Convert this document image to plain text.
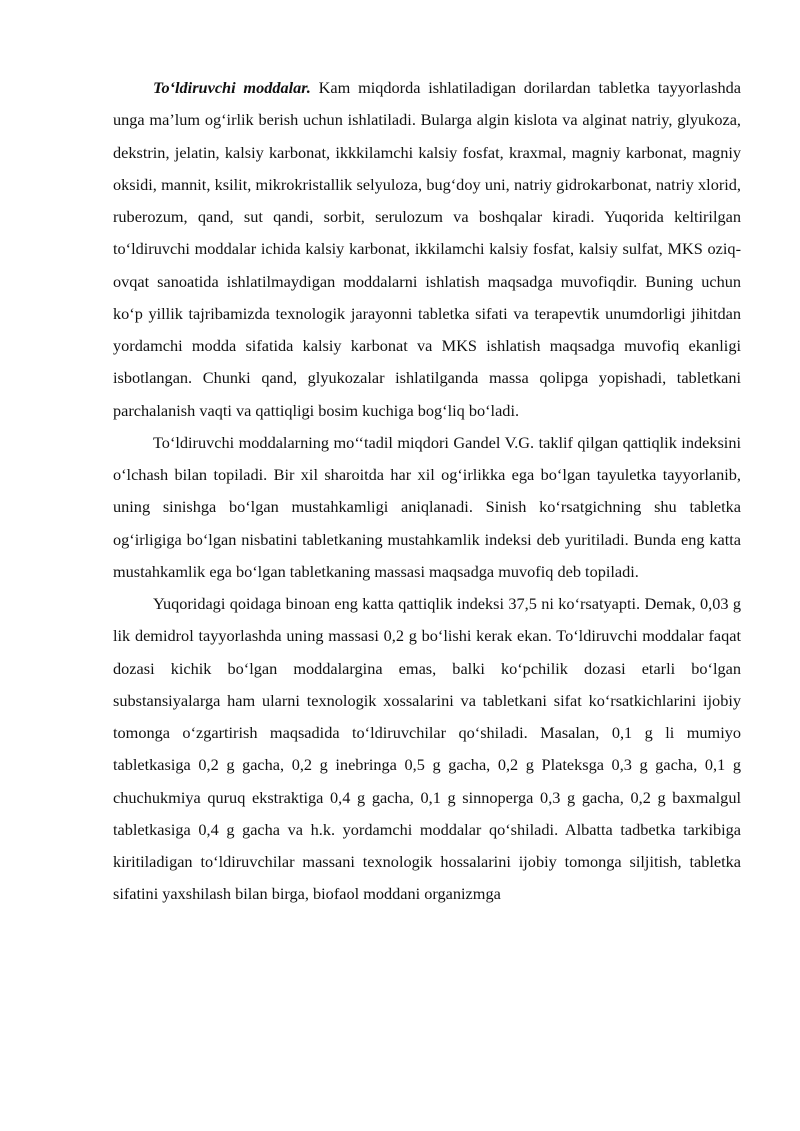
To‘ldiruvchi moddalar. Kam miqdorda ishlatiladigan dorilardan tabletka tayyorlashda unga ma’lum og‘irlik berish uchun ishlatiladi. Bularga algin kislota va alginat natriy, glyukoza, dekstrin, jelatin, kalsiy karbonat, ikkkilamchi kalsiy fosfat, kraxmal, magniy karbonat, magniy oksidi, mannit, ksilit, mikrokristallik selyuloza, bug‘doy uni, natriy gidrokarbonat, natriy xlorid, ruberozum, qand, sut qandi, sorbit, serulozum va boshqalar kiradi. Yuqorida keltirilgan to‘ldiruvchi moddalar ichida kalsiy karbonat, ikkilamchi kalsiy fosfat, kalsiy sulfat, MKS oziq-ovqat sanoatida ishlatilmaydigan moddalarni ishlatish maqsadga muvofiqdir. Buning uchun ko‘p yillik tajribamizda texnologik jarayonni tabletka sifati va terapevtik unumdorligi jihitdan yordamchi modda sifatida kalsiy karbonat va MKS ishlatish maqsadga muvofiq ekanligi isbotlangan. Chunki qand, glyukozalar ishlatilganda massa qolipga yopishadi, tabletkani parchalanish vaqti va qattiqligi bosim kuchiga bog‘liq bo‘ladi.

To‘ldiruvchi moddalarning mo‘‘tadil miqdori Gandel V.G. taklif qilgan qattiqlik indeksini o‘lchash bilan topiladi. Bir xil sharoitda har xil og‘irlikka ega bo‘lgan tayuletka tayyorlanib, uning sinishga bo‘lgan mustahkamligi aniqlanadi. Sinish ko‘rsatgichning shu tabletka og‘irligiga bo‘lgan nisbatini tabletkaning mustahkamlik indeksi deb yuritiladi. Bunda eng katta mustahkamlik ega bo‘lgan tabletkaning massasi maqsadga muvofiq deb topiladi.

Yuqoridagi qoidaga binoan eng katta qattiqlik indeksi 37,5 ni ko‘rsatyapti. Demak, 0,03 g lik demidrol tayyorlashda uning massasi 0,2 g bo‘lishi kerak ekan. To‘ldiruvchi moddalar faqat dozasi kichik bo‘lgan moddalargina emas, balki ko‘pchilik dozasi etarli bo‘lgan substansiyalarga ham ularni texnologik xossalarini va tabletkani sifat ko‘rsatkichlarini ijobiy tomonga o‘zgartirish maqsadida to‘ldiruvchilar qo‘shiladi. Masalan, 0,1 g li mumiyo tabletkasiga 0,2 g gacha, 0,2 g inebringa 0,5 g gacha, 0,2 g Plateksga 0,3 g gacha, 0,1 g chuchukmiya quruq ekstraktiga 0,4 g gacha, 0,1 g sinnoperga 0,3 g gacha, 0,2 g baxmalgul tabletkasiga 0,4 g gacha va h.k. yordamchi moddalar qo‘shiladi. Albatta tadbetka tarkibiga kiritiladigan to‘ldiruvchilar massani texnologik hossalarini ijobiy tomonga siljitish, tabletka sifatini yaxshilash bilan birga, biofaol moddani organizmga
